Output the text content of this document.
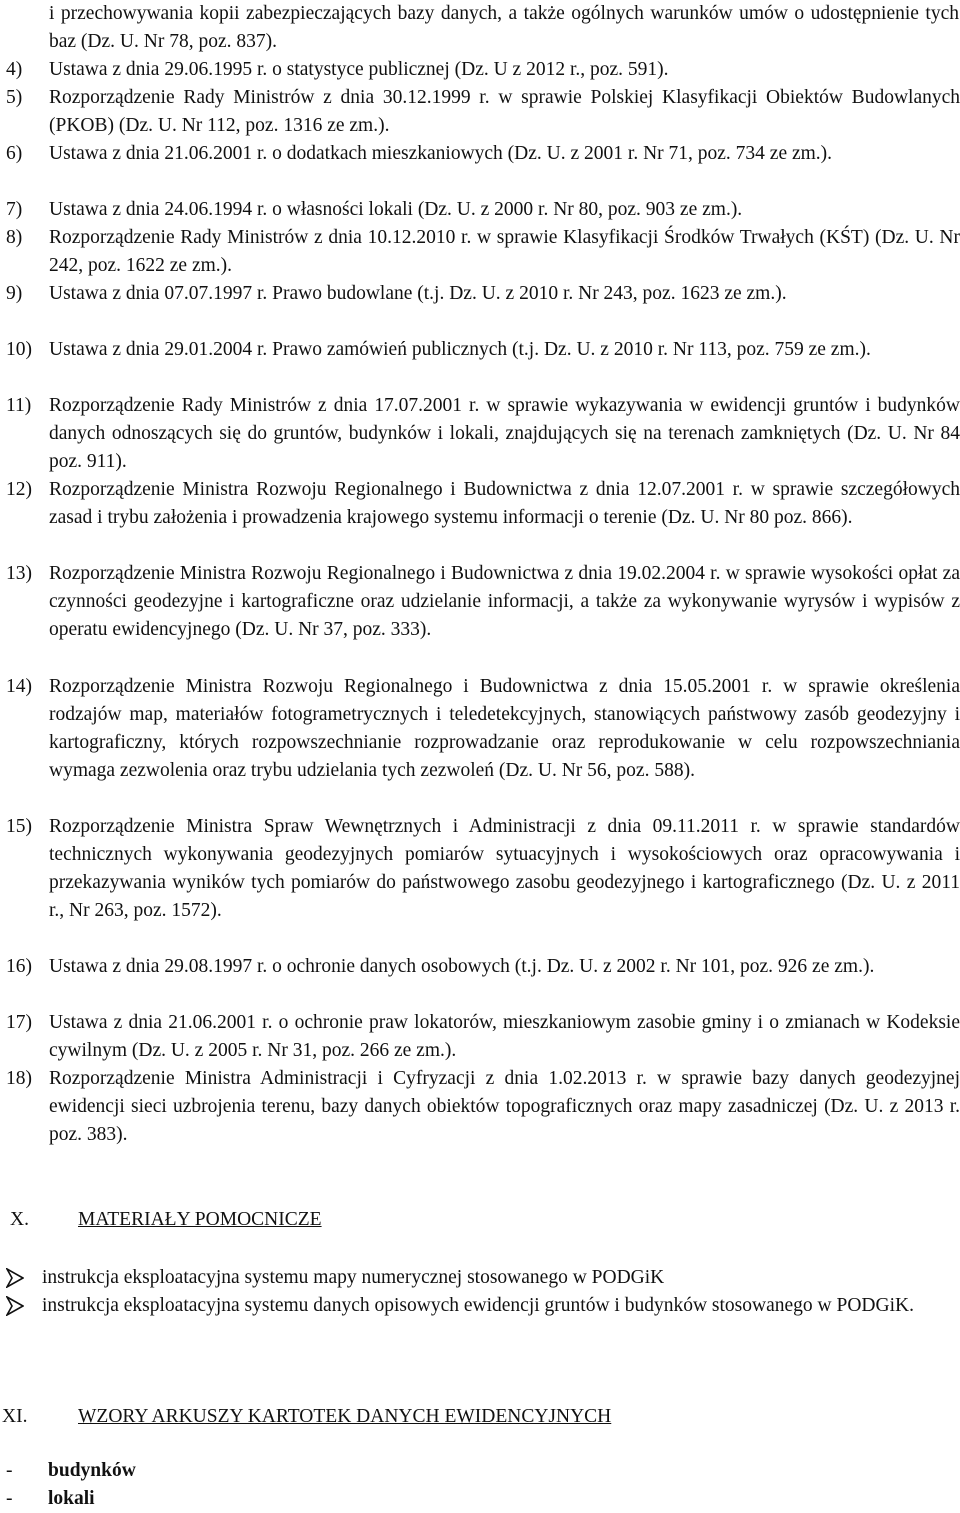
i przechowywania kopii zabezpieczających bazy danych, a także ogólnych warunków umów o udostępnienie tych baz (Dz. U. Nr 78, poz. 837).
4) Ustawa z dnia 29.06.1995 r. o statystyce publicznej (Dz. U z 2012 r., poz. 591).
5) Rozporządzenie Rady Ministrów z dnia 30.12.1999 r. w sprawie Polskiej Klasyfikacji Obiektów Budowlanych (PKOB) (Dz. U. Nr 112, poz. 1316 ze zm.).
6) Ustawa z dnia 21.06.2001 r. o dodatkach mieszkaniowych (Dz. U. z 2001 r. Nr 71, poz. 734 ze zm.).
7) Ustawa z dnia 24.06.1994 r. o własności lokali (Dz. U. z 2000 r. Nr 80, poz. 903 ze zm.).
8) Rozporządzenie Rady Ministrów z dnia 10.12.2010 r. w sprawie Klasyfikacji Środków Trwałych (KŚT) (Dz. U. Nr 242, poz. 1622 ze zm.).
9) Ustawa z dnia 07.07.1997 r. Prawo budowlane (t.j. Dz. U. z 2010 r. Nr 243, poz. 1623 ze zm.).
10) Ustawa z dnia 29.01.2004 r. Prawo zamówień publicznych (t.j. Dz. U. z 2010 r. Nr 113, poz. 759 ze zm.).
11) Rozporządzenie Rady Ministrów z dnia 17.07.2001 r. w sprawie wykazywania w ewidencji gruntów i budynków danych odnoszących się do gruntów, budynków i lokali, znajdujących się na terenach zamkniętych (Dz. U. Nr 84 poz. 911).
12) Rozporządzenie Ministra Rozwoju Regionalnego i Budownictwa z dnia 12.07.2001 r. w sprawie szczegółowych zasad i trybu założenia i prowadzenia krajowego systemu informacji o terenie (Dz. U. Nr 80 poz. 866).
13) Rozporządzenie Ministra Rozwoju Regionalnego i Budownictwa z dnia 19.02.2004 r. w sprawie wysokości opłat za czynności geodezyjne i kartograficzne oraz udzielanie informacji, a także za wykonywanie wyrysów i wypisów z operatu ewidencyjnego (Dz. U. Nr 37, poz. 333).
14) Rozporządzenie Ministra Rozwoju Regionalnego i Budownictwa z dnia 15.05.2001 r. w sprawie określenia rodzajów map, materiałów fotogrametrycznych i teledetekcyjnych, stanowiących państwowy zasób geodezyjny i kartograficzny, których rozpowszechnianie rozprowadzanie oraz reprodukowanie w celu rozpowszechniania wymaga zezwolenia oraz trybu udzielania tych zezwoleń (Dz. U. Nr 56, poz. 588).
15) Rozporządzenie Ministra Spraw Wewnętrznych i Administracji z dnia 09.11.2011 r. w sprawie standardów technicznych wykonywania geodezyjnych pomiarów sytuacyjnych i wysokościowych oraz opracowywania i przekazywania wyników tych pomiarów do państwowego zasobu geodezyjnego i kartograficznego (Dz. U. z 2011 r., Nr 263, poz. 1572).
16) Ustawa z dnia 29.08.1997 r. o ochronie danych osobowych (t.j. Dz. U. z 2002 r. Nr 101, poz. 926 ze zm.).
17) Ustawa z dnia 21.06.2001 r. o ochronie praw lokatorów, mieszkaniowym zasobie gminy i o zmianach w Kodeksie cywilnym (Dz. U. z 2005 r. Nr 31, poz. 266 ze zm.).
18) Rozporządzenie Ministra Administracji i Cyfryzacji z dnia 1.02.2013 r. w sprawie bazy danych geodezyjnej ewidencji sieci uzbrojenia terenu, bazy danych obiektów topograficznych oraz mapy zasadniczej (Dz. U. z 2013 r. poz. 383).
X.	MATERIAŁY POMOCNICZE
instrukcja eksploatacyjna systemu mapy numerycznej stosowanego w PODGiK
instrukcja eksploatacyjna systemu danych opisowych ewidencji gruntów i budynków stosowanego w PODGiK.
XI.	WZORY ARKUSZY KARTOTEK DANYCH EWIDENCYJNYCH
- budynków
- lokali
